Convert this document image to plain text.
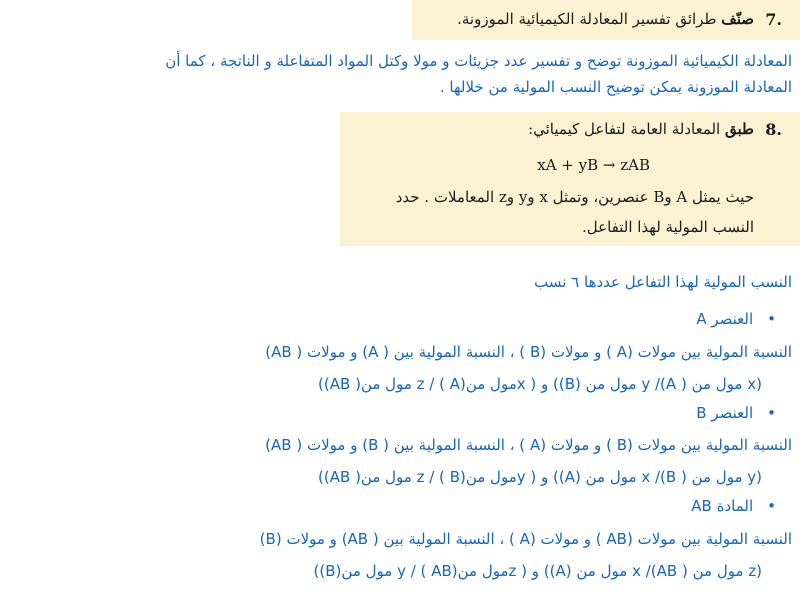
.7
صنّف طرائق تفسير المعادلة الكيميائية الموزونة.
المعادلة الكيميائية الموزونة توضح و تفسير عدد جزيئات و مولا وكتل المواد المتفاعلة و الناتجة ، كما أن
المعادلة الموزونة يمكن توضيح النسب المولية من خلالها .
.8
طبق المعادلة العامة لتفاعل كيميائي:
xA + yB → zAB
حيث يمثل A وB عنصرين، وتمثل x وy وz المعاملات . حدد
النسب المولية لهذا التفاعل.
النسب المولية لهذا التفاعل عددها ٦ نسب
• العنصر A
النسبة المولية بين مولات (A ) و مولات (B ) ، النسبة المولية بين ( A) و مولات ( AB)
(x مول من ( A)/ y مول من (B)) و ( xمول من(A ) / z مول من( AB))
• العنصر B
النسبة المولية بين مولات (B ) و مولات (A ) ، النسبة المولية بين ( B) و مولات ( AB)
(y مول من ( B)/ x مول من (A)) و ( yمول من(B ) / z مول من( AB))
• المادة AB
النسبة المولية بين مولات (AB ) و مولات (A ) ، النسبة المولية بين ( AB) و مولات (B)
(z مول من ( AB)/ x مول من (A)) و ( zمول من(AB ) / y مول من(B))
